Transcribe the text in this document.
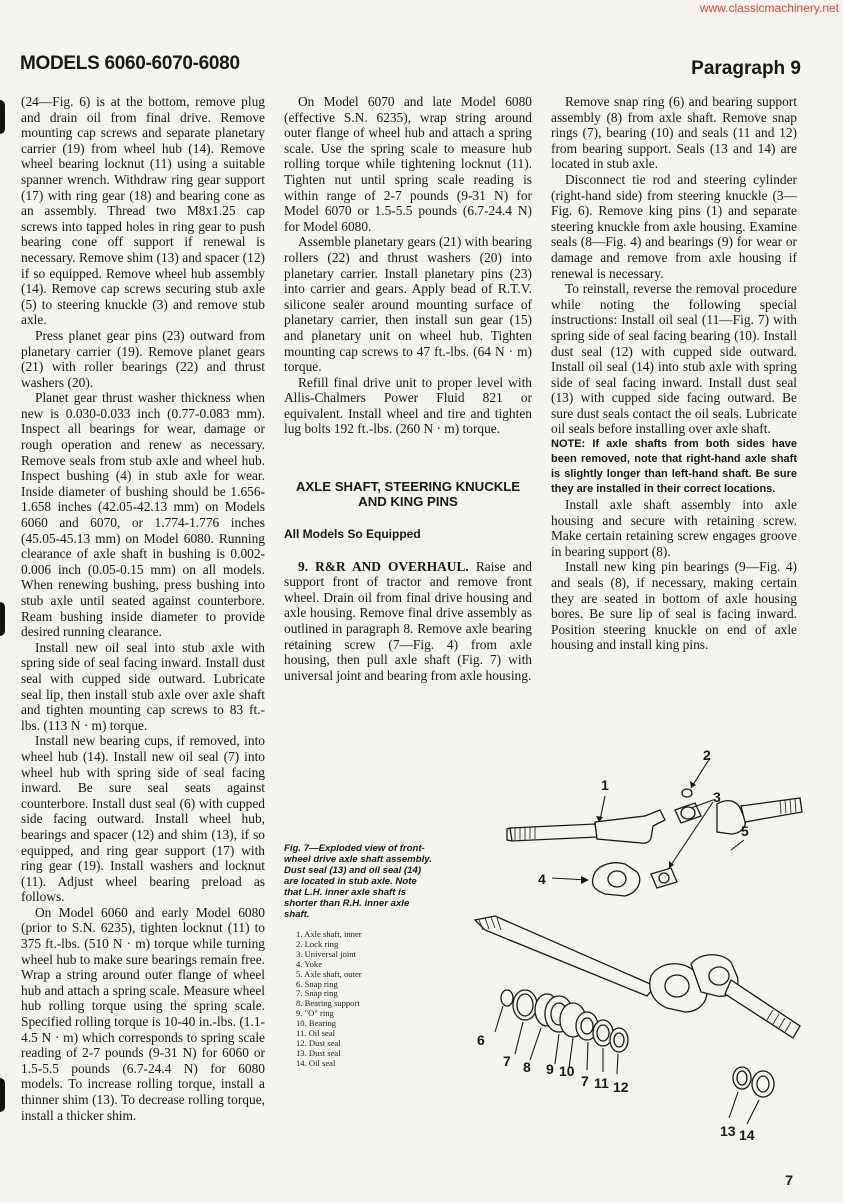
www.classicmachinery.net
MODELS 6060-6070-6080	Paragraph 9

(24—Fig. 6) is at the bottom, remove plug and drain oil from final drive. Remove mounting cap screws and separate planetary carrier (19) from wheel hub (14). Remove wheel bearing locknut (11) using a suitable spanner wrench. Withdraw ring gear support (17) with ring gear (18) and bearing cone as an assembly. Thread two M8x1.25 cap screws into tapped holes in ring gear to push bearing cone off support if renewal is necessary. Remove shim (13) and spacer (12) if so equipped. Remove wheel hub assembly (14). Remove cap screws securing stub axle (5) to steering knuckle (3) and remove stub axle.

Press planet gear pins (23) outward from planetary carrier (19). Remove planet gears (21) with roller bearings (22) and thrust washers (20).

Planet gear thrust washer thickness when new is 0.030-0.033 inch (0.77-0.083 mm). Inspect all bearings for wear, damage or rough operation and renew as necessary. Remove seals from stub axle and wheel hub. Inspect bushing (4) in stub axle for wear. Inside diameter of bushing should be 1.656-1.658 inches (42.05-42.13 mm) on Models 6060 and 6070, or 1.774-1.776 inches (45.05-45.13 mm) on Model 6080. Running clearance of axle shaft in bushing is 0.002-0.006 inch (0.05-0.15 mm) on all models. When renewing bushing, press bushing into stub axle until seated against counterbore. Ream bushing inside diameter to provide desired running clearance.

Install new oil seal into stub axle with spring side of seal facing inward. Install dust seal with cupped side outward. Lubricate seal lip, then install stub axle over axle shaft and tighten mounting cap screws to 83 ft.-lbs. (113 N · m) torque.

Install new bearing cups, if removed, into wheel hub (14). Install new oil seal (7) into wheel hub with spring side of seal facing inward. Be sure seal seats against counterbore. Install dust seal (6) with cupped side facing outward. Install wheel hub, bearings and spacer (12) and shim (13), if so equipped, and ring gear support (17) with ring gear (19). Install washers and locknut (11). Adjust wheel bearing preload as follows.

On Model 6060 and early Model 6080 (prior to S.N. 6235), tighten locknut (11) to 375 ft.-lbs. (510 N · m) torque while turning wheel hub to make sure bearings remain free. Wrap a string around outer flange of wheel hub and attach a spring scale. Measure wheel hub rolling torque using the spring scale. Specified rolling torque is 10-40 in.-lbs. (1.1-4.5 N · m) which corresponds to spring scale reading of 2-7 pounds (9-31 N) for 6060 or 1.5-5.5 pounds (6.7-24.4 N) for 6080 models. To increase rolling torque, install a thinner shim (13). To decrease rolling torque, install a thicker shim.

On Model 6070 and late Model 6080 (effective S.N. 6235), wrap string around outer flange of wheel hub and attach a spring scale. Use the spring scale to measure hub rolling torque while tightening locknut (11). Tighten nut until spring scale reading is within range of 2-7 pounds (9-31 N) for Model 6070 or 1.5-5.5 pounds (6.7-24.4 N) for Model 6080.

Assemble planetary gears (21) with bearing rollers (22) and thrust washers (20) into planetary carrier. Install planetary pins (23) into carrier and gears. Apply bead of R.T.V. silicone sealer around mounting surface of planetary carrier, then install sun gear (15) and planetary unit on wheel hub. Tighten mounting cap screws to 47 ft.-lbs. (64 N · m) torque.

Refill final drive unit to proper level with Allis-Chalmers Power Fluid 821 or equivalent. Install wheel and tire and tighten lug bolts 192 ft.-lbs. (260 N · m) torque.

AXLE SHAFT, STEERING KNUCKLE
AND KING PINS
All Models So Equipped

9. R&R AND OVERHAUL. Raise and support front of tractor and remove front wheel. Drain oil from final drive housing and axle housing. Remove final drive assembly as outlined in paragraph 8. Remove axle bearing retaining screw (7—Fig. 4) from axle housing, then pull axle shaft (Fig. 7) with universal joint and bearing from axle housing.

Remove snap ring (6) and bearing support assembly (8) from axle shaft. Remove snap rings (7), bearing (10) and seals (11 and 12) from bearing support. Seals (13 and 14) are located in stub axle.

Disconnect tie rod and steering cylinder (right-hand side) from steering knuckle (3—Fig. 6). Remove king pins (1) and separate steering knuckle from axle housing. Examine seals (8—Fig. 4) and bearings (9) for wear or damage and remove from axle housing if renewal is necessary.

To reinstall, reverse the removal procedure while noting the following special instructions: Install oil seal (11—Fig. 7) with spring side of seal facing bearing (10). Install dust seal (12) with cupped side outward. Install oil seal (14) into stub axle with spring side of seal facing inward. Install dust seal (13) with cupped side facing outward. Be sure dust seals contact the oil seals. Lubricate oil seals before installing over axle shaft.

NOTE: If axle shafts from both sides have been removed, note that right-hand axle shaft is slightly longer than left-hand shaft. Be sure they are installed in their correct locations.

Install axle shaft assembly into axle housing and secure with retaining screw. Make certain retaining screw engages groove in bearing support (8).

Install new king pin bearings (9—Fig. 4) and seals (8), if necessary, making certain they are seated in bottom of axle housing bores. Be sure lip of seal is facing inward. Position steering knuckle on end of axle housing and install king pins.

Fig. 7—Exploded view of front-wheel drive axle shaft assembly. Dust seal (13) and oil seal (14) are located in stub axle. Note that L.H. inner axle shaft is shorter than R.H. inner axle shaft.
1. Axle shaft, inner
2. Lock ring
3. Universal joint
4. Yoke
5. Axle shaft, outer
6. Snap ring
7. Snap ring
8. Bearing support
9. "O" ring
10. Bearing
11. Oil seal
12. Dust seal
13. Dust seal
14. Oil seal
1
2
3
5
4
6
7 8 9 10
7 11 12
13 14
7
